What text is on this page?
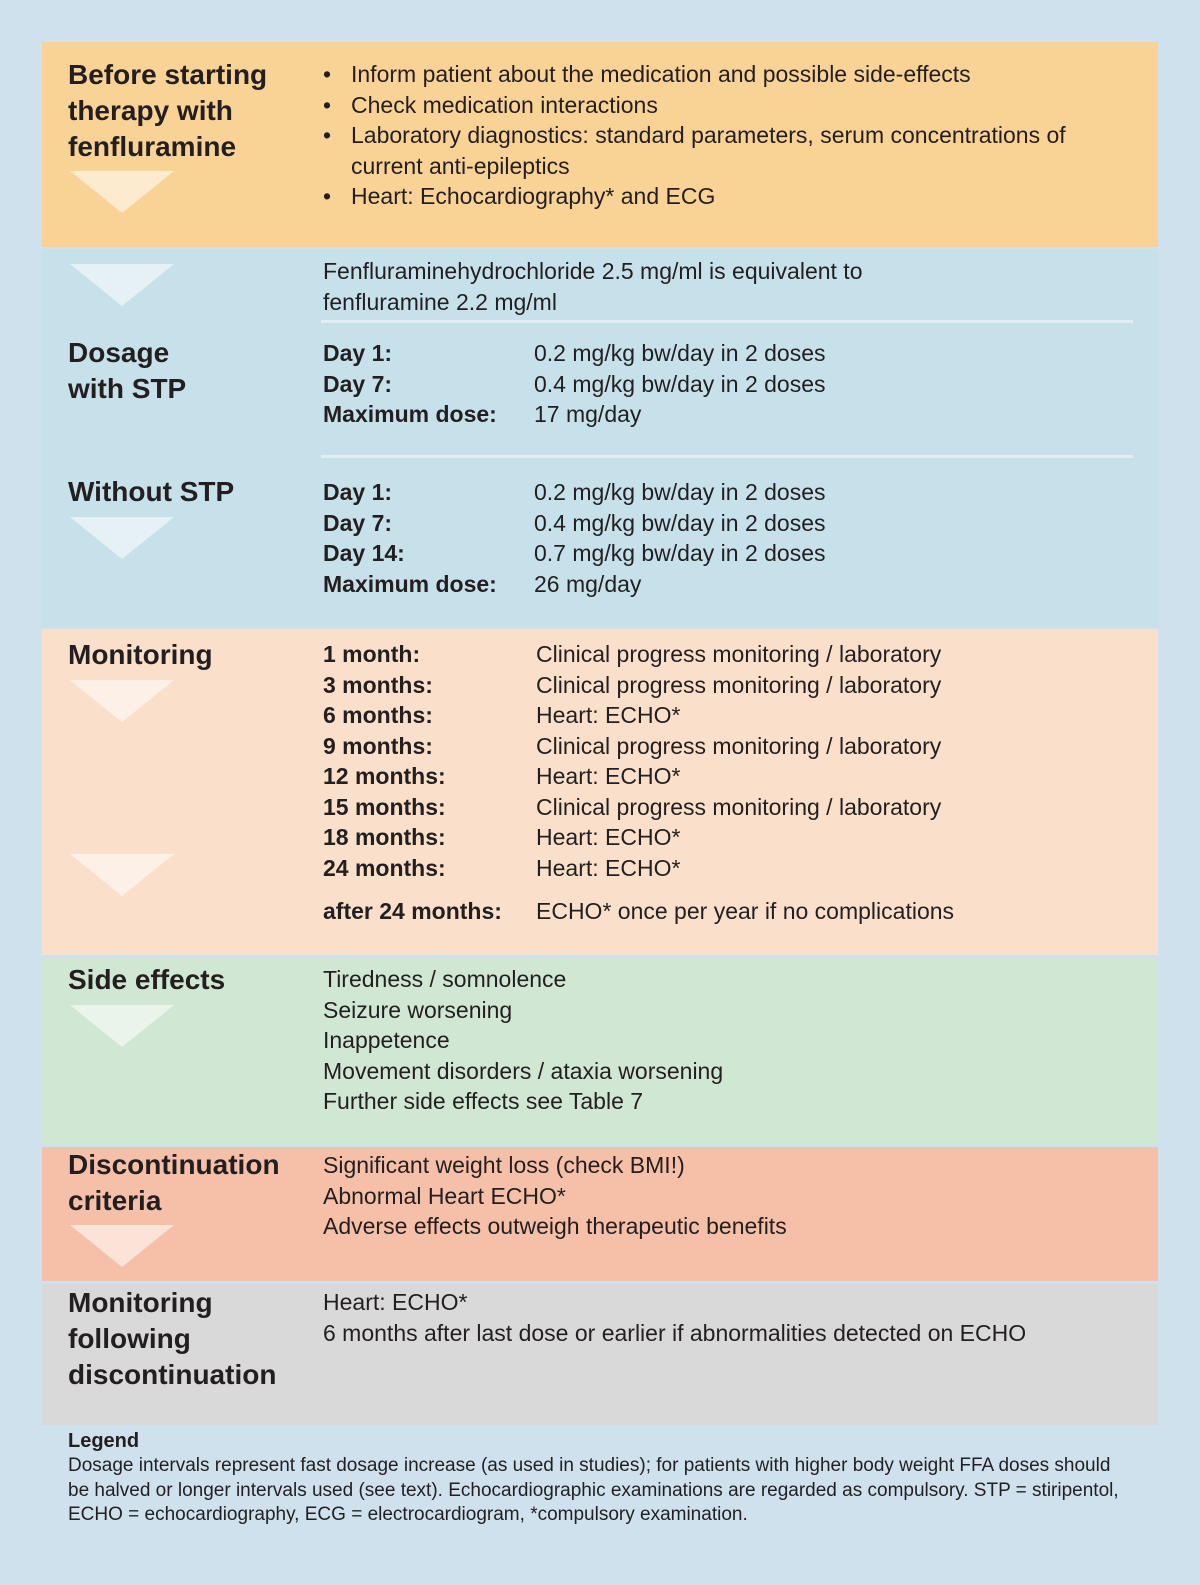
Before starting therapy with fenfluramine
• Inform patient about the medication and possible side-effects
• Check medication interactions
• Laboratory diagnostics: standard parameters, serum concentrations of current anti-epileptics
• Heart: Echocardiography* and ECG
Fenfluraminehydrochloride 2.5 mg/ml is equivalent to
fenfluramine 2.2 mg/ml
Dosage
with STP
Day 1:	0.2 mg/kg bw/day in 2 doses
Day 7:	0.4 mg/kg bw/day in 2 doses
Maximum dose:	17 mg/day
Without STP	Day 1:	0.2 mg/kg bw/day in 2 doses
Day 7:	0.4 mg/kg bw/day in 2 doses
Day 14:	0.7 mg/kg bw/day in 2 doses
Maximum dose:	26 mg/day
Monitoring	1 month:	Clinical progress monitoring / laboratory
3 months:	Clinical progress monitoring / laboratory
6 months:	Heart: ECHO*
9 months:	Clinical progress monitoring / laboratory
12 months:	Heart: ECHO*
15 months:	Clinical progress monitoring / laboratory
18 months:	Heart: ECHO*
24 months:	Heart: ECHO*
after 24 months:	ECHO* once per year if no complications
Side effects	Tiredness / somnolence
Seizure worsening
Inappetence
Movement disorders / ataxia worsening
Further side effects see Table 7
Discontinuation
criteria
Significant weight loss (check BMI!)
Abnormal Heart ECHO*
Adverse effects outweigh therapeutic benefits
Monitoring
following
discontinuation
Heart: ECHO*
6 months after last dose or earlier if abnormalities detected on ECHO
Legend
Dosage intervals represent fast dosage increase (as used in studies); for patients with higher body weight FFA doses should be halved or longer intervals used (see text). Echocardiographic examinations are regarded as compulsory. STP = stiripentol, ECHO = echocardiography, ECG = electrocardiogram, *compulsory examination.
